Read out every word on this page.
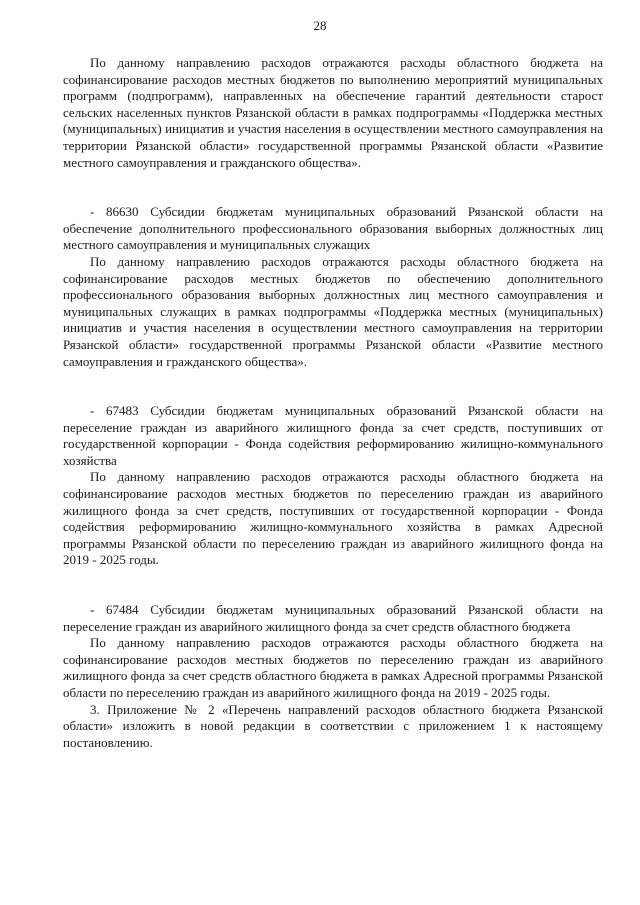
28

По данному направлению расходов отражаются расходы областного бюджета на софинансирование расходов местных бюджетов по выполнению мероприятий муниципальных программ (подпрограмм), направленных на обеспечение гарантий деятельности старост сельских населенных пунктов Рязанской области в рамках подпрограммы «Поддержка местных (муниципальных) инициатив и участия населения в осуществлении местного самоуправления на территории Рязанской области» государственной программы Рязанской области «Развитие местного самоуправления и гражданского общества».

- 86630 Субсидии бюджетам муниципальных образований Рязанской области на обеспечение дополнительного профессионального образования выборных должностных лиц местного самоуправления и муниципальных служащих

По данному направлению расходов отражаются расходы областного бюджета на софинансирование расходов местных бюджетов по обеспечению дополнительного профессионального образования выборных должностных лиц местного самоуправления и муниципальных служащих в рамках подпрограммы «Поддержка местных (муниципальных) инициатив и участия населения в осуществлении местного самоуправления на территории Рязанской области» государственной программы Рязанской области «Развитие местного самоуправления и гражданского общества».

- 67483 Субсидии бюджетам муниципальных образований Рязанской области на переселение граждан из аварийного жилищного фонда за счет средств, поступивших от государственной корпорации - Фонда содействия реформированию жилищно-коммунального хозяйства

По данному направлению расходов отражаются расходы областного бюджета на софинансирование расходов местных бюджетов по переселению граждан из аварийного жилищного фонда за счет средств, поступивших от государственной корпорации - Фонда содействия реформированию жилищно-коммунального хозяйства в рамках Адресной программы Рязанской области по переселению граждан из аварийного жилищного фонда на 2019 - 2025 годы.

- 67484 Субсидии бюджетам муниципальных образований Рязанской области на переселение граждан из аварийного жилищного фонда за счет средств областного бюджета

По данному направлению расходов отражаются расходы областного бюджета на софинансирование расходов местных бюджетов по переселению граждан из аварийного жилищного фонда за счет средств областного бюджета в рамках Адресной программы Рязанской области по переселению граждан из аварийного жилищного фонда на 2019 - 2025 годы.

3. Приложение № 2 «Перечень направлений расходов областного бюджета Рязанской области» изложить в новой редакции в соответствии с приложением 1 к настоящему постановлению.
